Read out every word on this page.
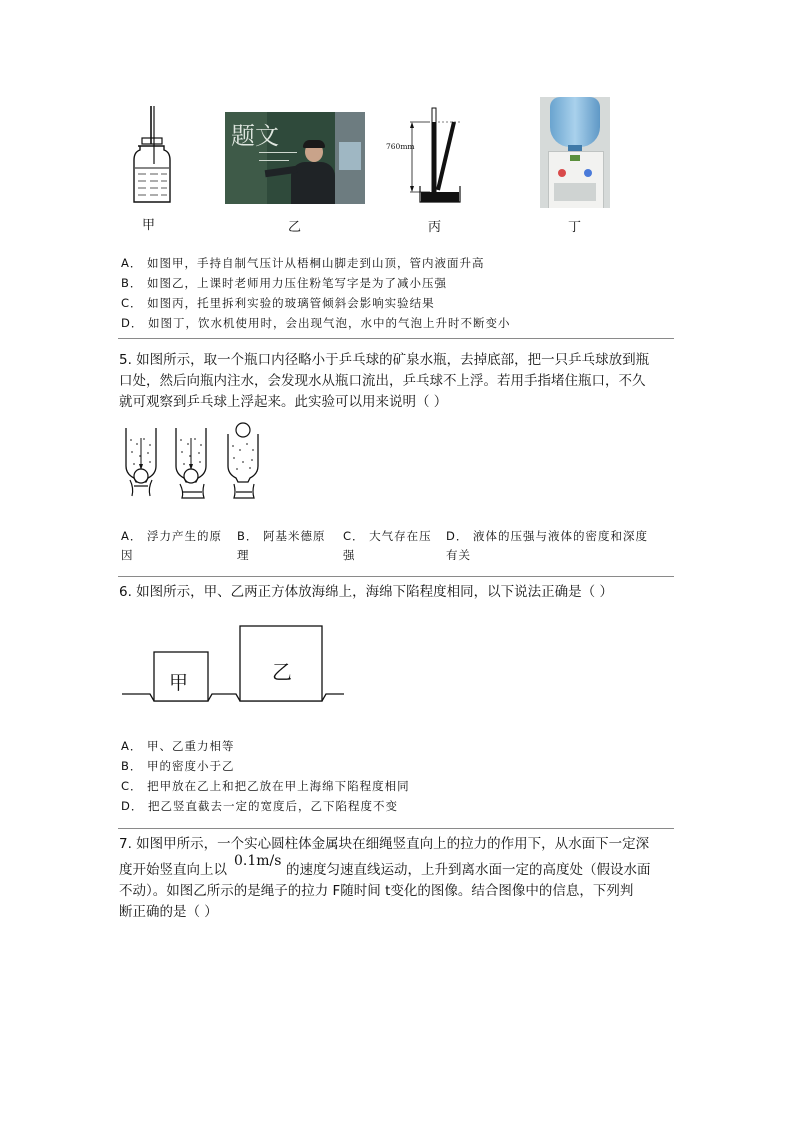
甲
题文
乙
760mm
丙	丁
A． 如图甲，手持自制气压计从梧桐山脚走到山顶，管内液面升高
B． 如图乙，上课时老师用力压住粉笔写字是为了减小压强
C． 如图丙，托里拆利实验的玻璃管倾斜会影响实验结果
D． 如图丁，饮水机使用时，会出现气泡，水中的气泡上升时不断变小
5. 如图所示，取一个瓶口内径略小于乒乓球的矿泉水瓶，去掉底部，把一只乒乓球放到瓶
口处，然后向瓶内注水，会发现水从瓶口流出，乒乓球不上浮。若用手指堵住瓶口，不久
就可观察到乒乓球上浮起来。此实验可以用来说明（ ）
A． 浮力产生的原
因
B． 阿基米德原
理
C． 大气存在压
强
D． 液体的压强与液体的密度和深度
有关
6. 如图所示，甲、乙两正方体放海绵上，海绵下陷程度相同，以下说法正确是（ ）
甲	乙
A． 甲、乙重力相等
B． 甲的密度小于乙
C． 把甲放在乙上和把乙放在甲上海绵下陷程度相同
D． 把乙竖直截去一定的宽度后，乙下陷程度不变
7. 如图甲所示，一个实心圆柱体金属块在细绳竖直向上的拉力的作用下，从水面下一定深
度开始竖直向上以
0.1m/s
的速度匀速直线运动，上升到离水面一定的高度处（假设水面
不动）。如图乙所示的是绳子的拉力 F随时间 t变化的图像。结合图像中的信息，下列判
断正确的是（ ）
